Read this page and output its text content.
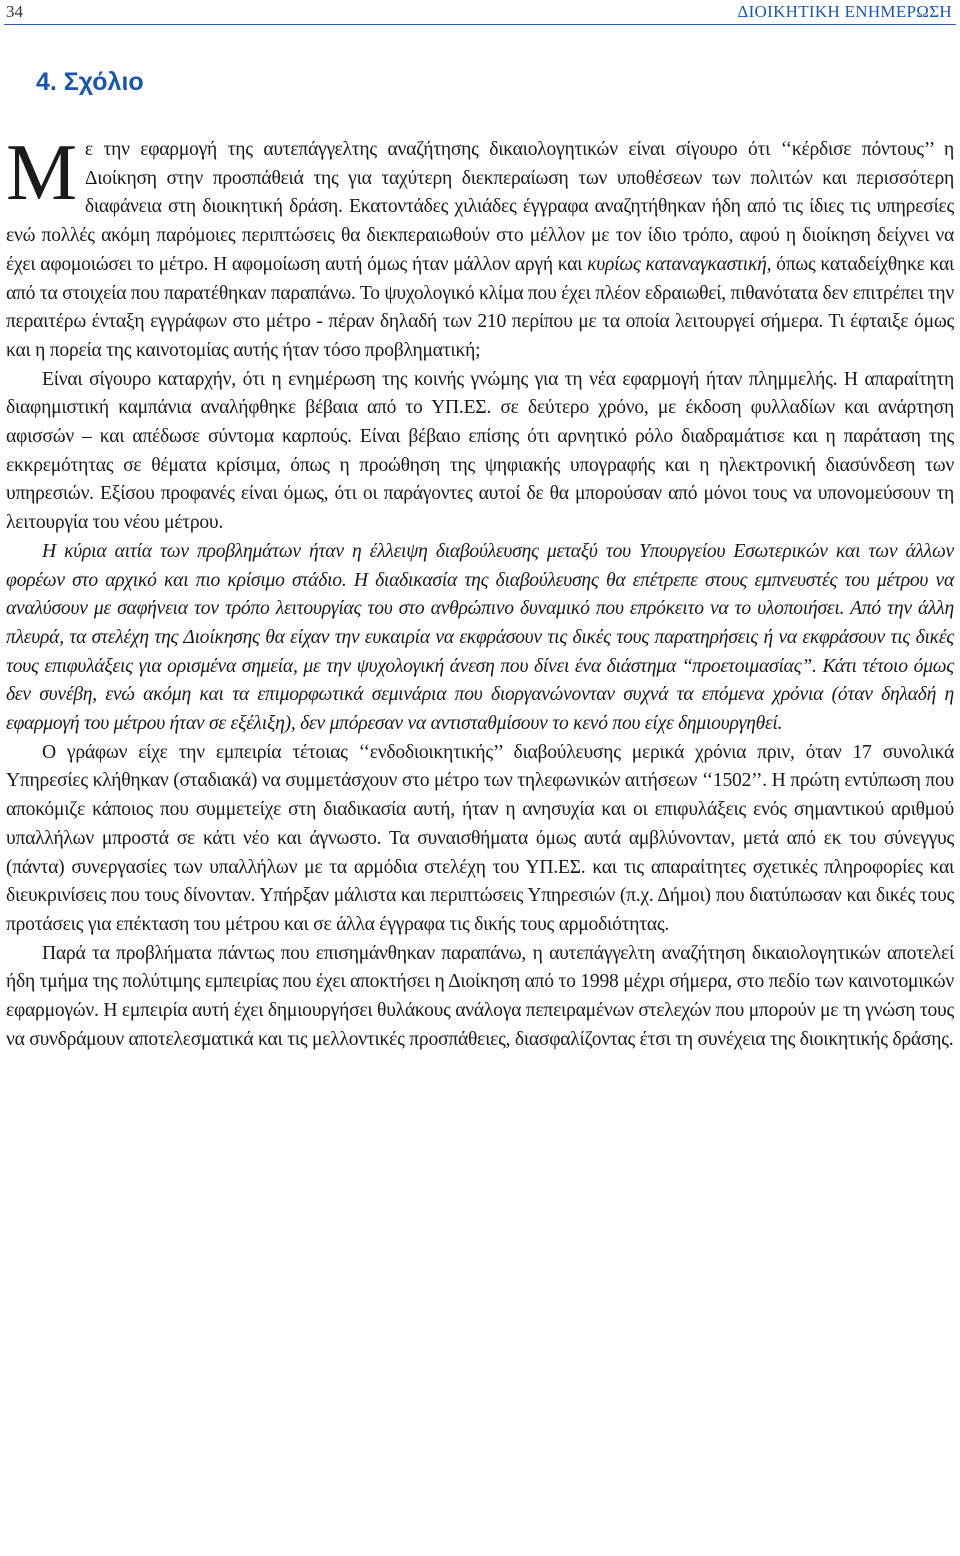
34	ΔΙΟΙΚΗΤΙΚΗ ΕΝΗΜΕΡΩΣΗ
4. Σχόλιο

Με την εφαρμογή της αυτεπάγγελτης αναζήτησης δικαιολογητικών είναι σίγουρο ότι ‘‘κέρδισε πόντους’’ η Διοίκηση στην προσπάθειά της για ταχύτερη διεκπεραίωση των υποθέσεων των πολιτών και περισσότερη διαφάνεια στη διοικητική δράση. Εκατοντάδες χιλιάδες έγγραφα αναζητήθηκαν ήδη από τις ίδιες τις υπηρεσίες ενώ πολλές ακόμη παρόμοιες περιπτώσεις θα διεκπεραιωθούν στο μέλλον με τον ίδιο τρόπο, αφού η διοίκηση δείχνει να έχει αφομοιώσει το μέτρο. Η αφομοίωση αυτή όμως ήταν μάλλον αργή και κυρίως καταναγκαστική, όπως καταδείχθηκε και από τα στοιχεία που παρατέθηκαν παραπάνω. Το ψυχολογικό κλίμα που έχει πλέον εδραιωθεί, πιθανότατα δεν επιτρέπει την περαιτέρω ένταξη εγγράφων στο μέτρο - πέραν δηλαδή των 210 περίπου με τα οποία λειτουργεί σήμερα. Τι έφταιξε όμως και η πορεία της καινοτομίας αυτής ήταν τόσο προβληματική;

Είναι σίγουρο καταρχήν, ότι η ενημέρωση της κοινής γνώμης για τη νέα εφαρμογή ήταν πλημμελής. Η απαραίτητη διαφημιστική καμπάνια αναλήφθηκε βέβαια από το ΥΠ.ΕΣ. σε δεύτερο χρόνο, με έκδοση φυλλαδίων και ανάρτηση αφισσών – και απέδωσε σύντομα καρπούς. Είναι βέβαιο επίσης ότι αρνητικό ρόλο διαδραμάτισε και η παράταση της εκκρεμότητας σε θέματα κρίσιμα, όπως η προώθηση της ψηφιακής υπογραφής και η ηλεκτρονική διασύνδεση των υπηρεσιών. Εξίσου προφανές είναι όμως, ότι οι παράγοντες αυτοί δε θα μπορούσαν από μόνοι τους να υπονομεύσουν τη λειτουργία του νέου μέτρου.

Η κύρια αιτία των προβλημάτων ήταν η έλλειψη διαβούλευσης μεταξύ του Υπουργείου Εσωτερικών και των άλλων φορέων στο αρχικό και πιο κρίσιμο στάδιο. Η διαδικασία της διαβούλευσης θα επέτρεπε στους εμπνευστές του μέτρου να αναλύσουν με σαφήνεια τον τρόπο λειτουργίας του στο ανθρώπινο δυναμικό που επρόκειτο να το υλοποιήσει. Από την άλλη πλευρά, τα στελέχη της Διοίκησης θα είχαν την ευκαιρία να εκφράσουν τις δικές τους παρατηρήσεις ή να εκφράσουν τις δικές τους επιφυλάξεις για ορισμένα σημεία, με την ψυχολογική άνεση που δίνει ένα διάστημα ‘‘προετοιμασίας”. Κάτι τέτοιο όμως δεν συνέβη, ενώ ακόμη και τα επιμορφωτικά σεμινάρια που διοργανώνονταν συχνά τα επόμενα χρόνια (όταν δηλαδή η εφαρμογή του μέτρου ήταν σε εξέλιξη), δεν μπόρεσαν να αντισταθμίσουν το κενό που είχε δημιουργηθεί.

Ο γράφων είχε την εμπειρία τέτοιας ‘‘ενδοδιοικητικής’’ διαβούλευσης μερικά χρόνια πριν, όταν 17 συνολικά Υπηρεσίες κλήθηκαν (σταδιακά) να συμμετάσχουν στο μέτρο των τηλεφωνικών αιτήσεων ‘‘1502’’. Η πρώτη εντύπωση που αποκόμιζε κάποιος που συμμετείχε στη διαδικασία αυτή, ήταν η ανησυχία και οι επιφυλάξεις ενός σημαντικού αριθμού υπαλλήλων μπροστά σε κάτι νέο και άγνωστο. Τα συναισθήματα όμως αυτά αμβλύνονταν, μετά από εκ του σύνεγγυς (πάντα) συνεργασίες των υπαλλήλων με τα αρμόδια στελέχη του ΥΠ.ΕΣ. και τις απαραίτητες σχετικές πληροφορίες και διευκρινίσεις που τους δίνονταν. Υπήρξαν μάλιστα και περιπτώσεις Υπηρεσιών (π.χ. Δήμοι) που διατύπωσαν και δικές τους προτάσεις για επέκταση του μέτρου και σε άλλα έγγραφα τις δικής τους αρμοδιότητας.

Παρά τα προβλήματα πάντως που επισημάνθηκαν παραπάνω, η αυτεπάγγελτη αναζήτηση δικαιολογητικών αποτελεί ήδη τμήμα της πολύτιμης εμπειρίας που έχει αποκτήσει η Διοίκηση από το 1998 μέχρι σήμερα, στο πεδίο των καινοτομικών εφαρμογών. Η εμπειρία αυτή έχει δημιουργήσει θυλάκους ανάλογα πεπειραμένων στελεχών που μπορούν με τη γνώση τους να συνδράμουν αποτελεσματικά και τις μελλοντικές προσπάθειες, διασφαλίζοντας έτσι τη συνέχεια της διοικητικής δράσης.
